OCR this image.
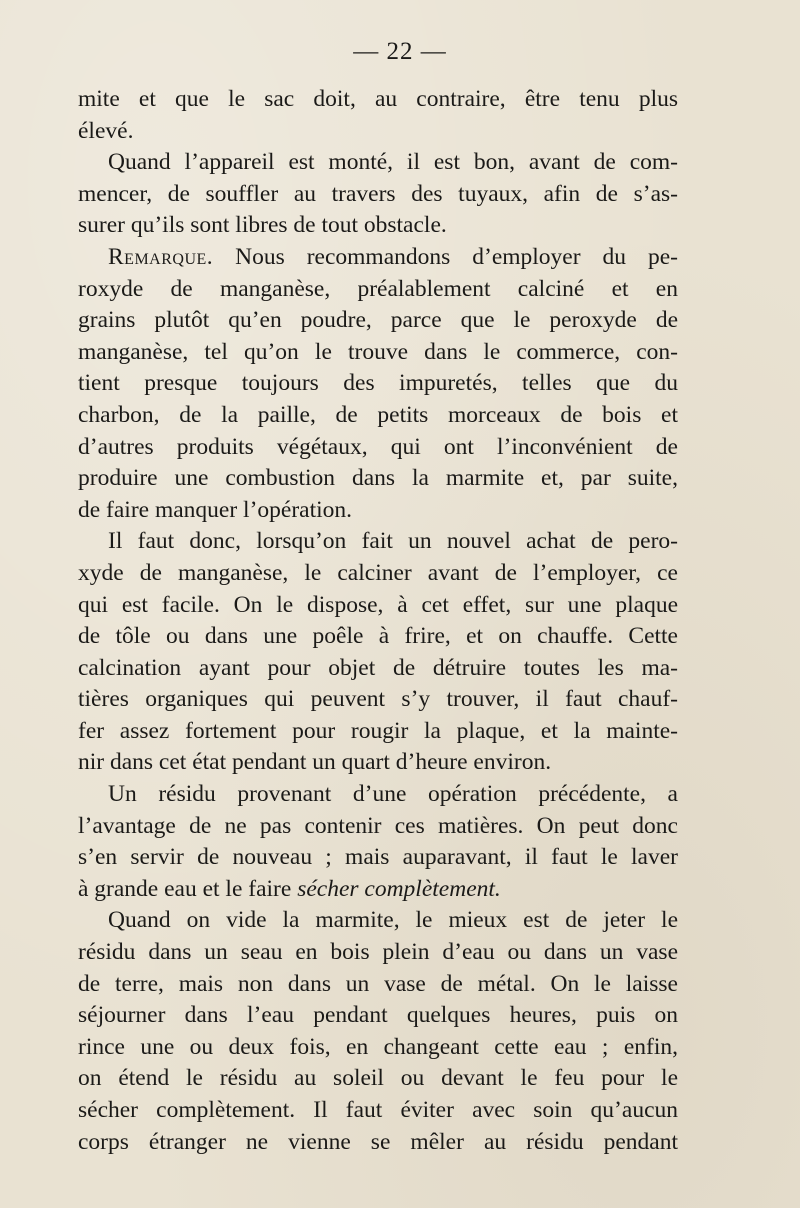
— 22 —
mite et que le sac doit, au contraire, être tenu plus
élevé.
Quand l’appareil est monté, il est bon, avant de com-
mencer, de souffler au travers des tuyaux, afin de s’as-
surer qu’ils sont libres de tout obstacle.
Remarque. Nous recommandons d’employer du pe-
roxyde de manganèse, préalablement calciné et en
grains plutôt qu’en poudre, parce que le peroxyde de
manganèse, tel qu’on le trouve dans le commerce, con-
tient presque toujours des impuretés, telles que du
charbon, de la paille, de petits morceaux de bois et
d’autres produits végétaux, qui ont l’inconvénient de
produire une combustion dans la marmite et, par suite,
de faire manquer l’opération.
Il faut donc, lorsqu’on fait un nouvel achat de pero-
xyde de manganèse, le calciner avant de l’employer, ce
qui est facile. On le dispose, à cet effet, sur une plaque
de tôle ou dans une poêle à frire, et on chauffe. Cette
calcination ayant pour objet de détruire toutes les ma-
tières organiques qui peuvent s’y trouver, il faut chauf-
fer assez fortement pour rougir la plaque, et la mainte-
nir dans cet état pendant un quart d’heure environ.
Un résidu provenant d’une opération précédente, a
l’avantage de ne pas contenir ces matières. On peut donc
s’en servir de nouveau ; mais auparavant, il faut le laver
à grande eau et le faire sécher complètement.
Quand on vide la marmite, le mieux est de jeter le
résidu dans un seau en bois plein d’eau ou dans un vase
de terre, mais non dans un vase de métal. On le laisse
séjourner dans l’eau pendant quelques heures, puis on
rince une ou deux fois, en changeant cette eau ; enfin,
on étend le résidu au soleil ou devant le feu pour le
sécher complètement. Il faut éviter avec soin qu’aucun
corps étranger ne vienne se mêler au résidu pendant
